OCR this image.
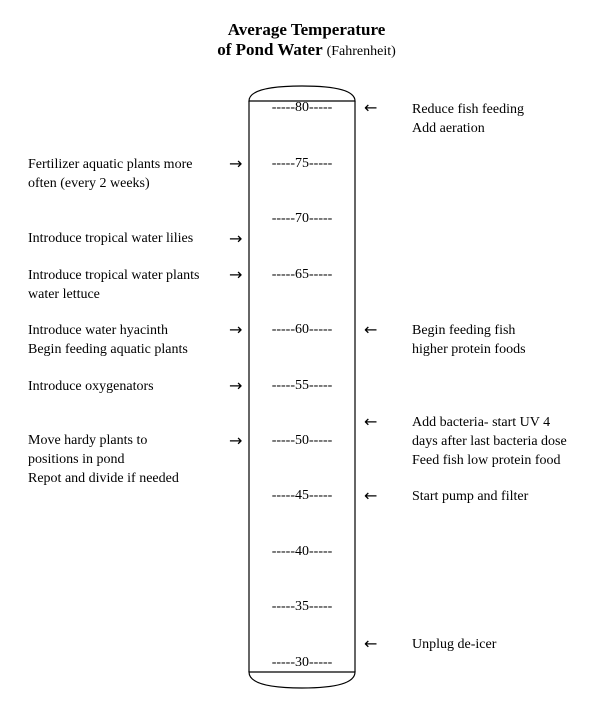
Average Temperature
of Pond Water (Fahrenheit)
-----80-----
-----75-----
-----70-----
-----65-----
-----60-----
-----55-----
-----50-----
-----45-----
-----40-----
-----35-----
-----30-----
Fertilizer aquatic plants more
often (every 2 weeks)
→
Introduce tropical water lilies →
Introduce tropical water plants
water lettuce
→
Introduce water hyacinth
Begin feeding aquatic plants
→
Introduce oxygenators	→
Move hardy plants to
positions in pond
Repot and divide if needed
→
← Reduce fish feeding
Add aeration
← Begin feeding fish
higher protein foods
← Add bacteria- start UV 4
days after last bacteria dose
Feed fish low protein food
← Start pump and filter
← Unplug de-icer
